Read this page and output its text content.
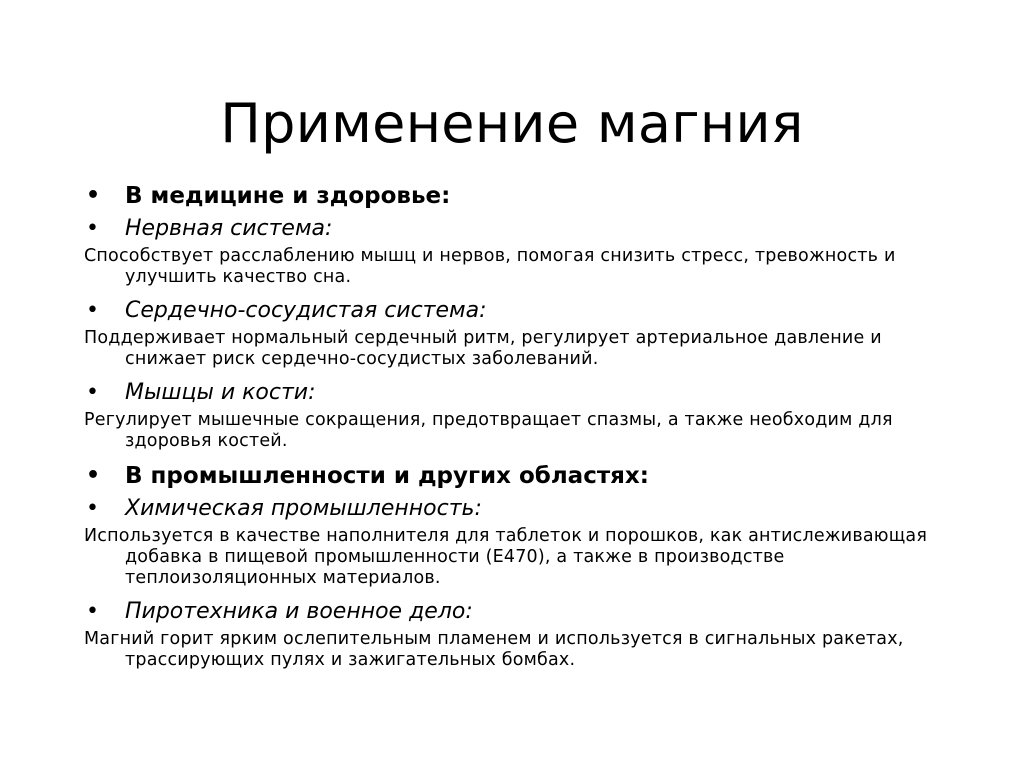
Применение магния
• В медицине и здоровье:
• Нервная система:

Способствует расслаблению мышц и нервов, помогая снизить стресс, тревожность и улучшить качество сна.

• Сердечно-сосудистая система:

Поддерживает нормальный сердечный ритм, регулирует артериальное давление и снижает риск сердечно-сосудистых заболеваний.

• Мышцы и кости:

Регулирует мышечные сокращения, предотвращает спазмы, а также необходим для здоровья костей.

• В промышленности и других областях:
• Химическая промышленность:

Используется в качестве наполнителя для таблеток и порошков, как антислеживающая добавка в пищевой промышленности (E470), а также в производстве теплоизоляционных материалов.

• Пиротехника и военное дело:

Магний горит ярким ослепительным пламенем и используется в сигнальных ракетах, трассирующих пулях и зажигательных бомбах.
